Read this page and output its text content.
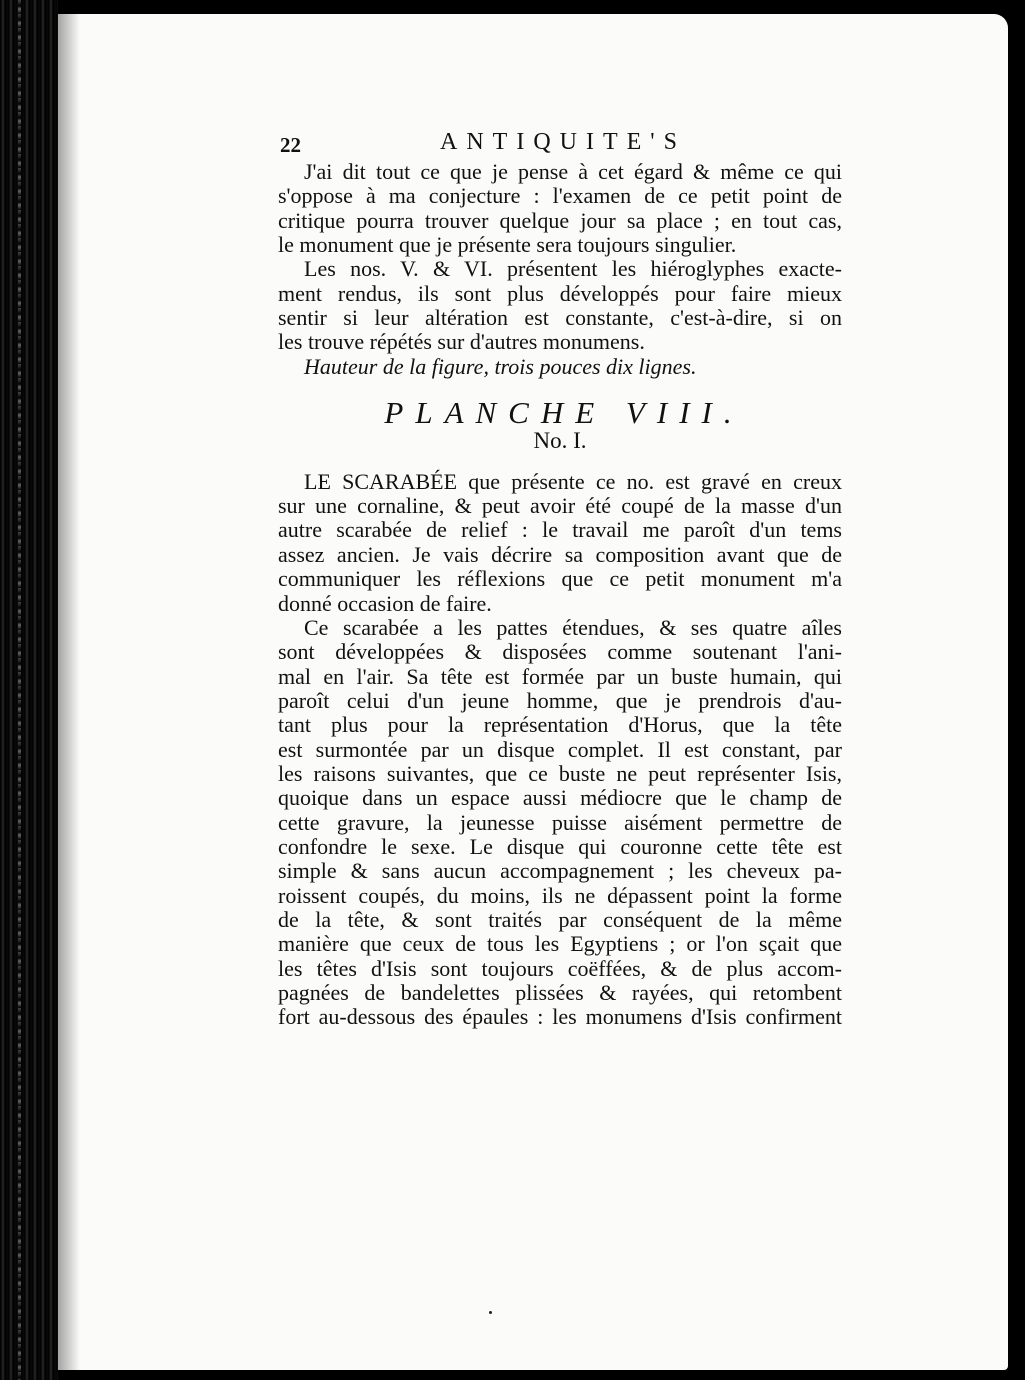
22	ANTIQUITE'S
J'ai dit tout ce que je pense à cet égard & même ce qui
s'oppose à ma conjecture : l'examen de ce petit point de
critique pourra trouver quelque jour sa place ; en tout cas,
le monument que je présente sera toujours singulier.
Les nos. V. & VI. présentent les hiéroglyphes exacte-
ment rendus, ils sont plus développés pour faire mieux
sentir si leur altération est constante, c'est-à-dire, si on
les trouve répétés sur d'autres monumens.
Hauteur de la figure, trois pouces dix lignes.
PLANCHE VIII.
No. I.
LE SCARABÉE que présente ce no. est gravé en creux
sur une cornaline, & peut avoir été coupé de la masse d'un
autre scarabée de relief : le travail me paroît d'un tems
assez ancien. Je vais décrire sa composition avant que de
communiquer les réflexions que ce petit monument m'a
donné occasion de faire.
Ce scarabée a les pattes étendues, & ses quatre aîles
sont développées & disposées comme soutenant l'ani-
mal en l'air. Sa tête est formée par un buste humain, qui
paroît celui d'un jeune homme, que je prendrois d'au-
tant plus pour la représentation d'Horus, que la tête
est surmontée par un disque complet. Il est constant, par
les raisons suivantes, que ce buste ne peut représenter Isis,
quoique dans un espace aussi médiocre que le champ de
cette gravure, la jeunesse puisse aisément permettre de
confondre le sexe. Le disque qui couronne cette tête est
simple & sans aucun accompagnement ; les cheveux pa-
roissent coupés, du moins, ils ne dépassent point la forme
de la tête, & sont traités par conséquent de la même
manière que ceux de tous les Egyptiens ; or l'on sçait que
les têtes d'Isis sont toujours coëffées, & de plus accom-
pagnées de bandelettes plissées & rayées, qui retombent
fort au-dessous des épaules : les monumens d'Isis confirment
